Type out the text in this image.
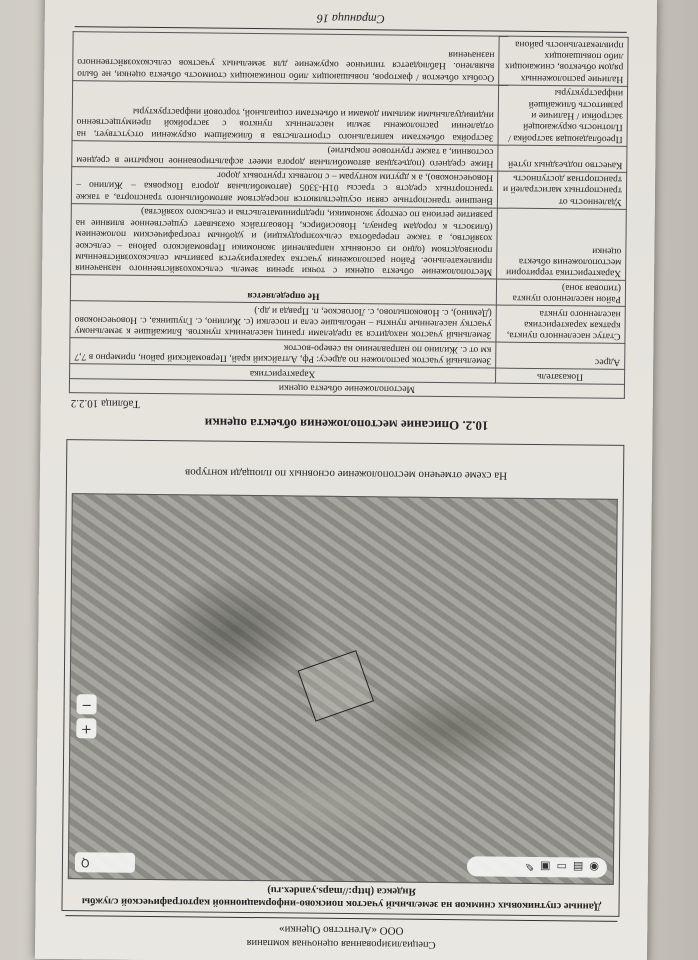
Специализированная оценочная компания
ООО «Агентство Оценки»
Данные спутниковых снимков на земельный участок поисково-информационной картографической службы Яндекса (http://maps.yandex.ru)
◉
▤
▭
▣
✎
Q
+
−
На схеме отмечено местоположение основных по площади контуров
10.2. Описание местоположения объекта оценки
Таблица 10.2.2
Местоположение объекта оценки	
Показатель	Характеристика
Адрес	Земельный участок расположен по адресу: Рф, Алтайский край, Первомайский район, примерно в 7,7 км от с. Жилино по направлению на северо-восток
Статус населенного пункта, краткая характеристика населенного пункта	Земельный участок находится за пределами границ населенных пунктов. Ближайшие к земельному участку населенные пункты – небольшие села и поселки (с. Жилино, с. Глушинка, с. Новочесноково (Демино), с. Новокопылово, с. Логовское, п. Правда и др.)
Район населенного пункта (типовая зона)	Не определяется
Характеристика территории местоположения объекта оценки	Местоположение объекта оценки с точки зрения земель сельскохозяйственного назначения привлекательное. Район расположения участка характеризуется развитым сельскохозяйственным производством (одно из основных направлений экономики Первомайского района – сельское хозяйство, а также переработка сельхозпродукции) и удобным географическим положением (близость к городам Барнаул, Новосибирск, Новоалтайск оказывает существенное влияние на развитие региона по сектору экономики, предпринимательства и сельского хозяйства)
Удаленность от транспортных магистралей и транспортная доступность	Внешние транспортные связи осуществляются посредством автомобильного транспорта, а также транспортных средств с трассы 01Н-3305 (автомобильная дорога Покровка – Жилино – Новочесноково), а к другим контурам – с полевых грунтовых дорог
Качество подъездных путей	Ниже среднего (подъездная автомобильная дорога имеет асфальтированное покрытие в среднем состоянии, а также грунтовое покрытие)
Преобладающая застройка / Плотность окружающей застройки / Наличие и развитость ближайшей инфраструктуры	Застройка объектами капитального строительства в ближайшем окружении отсутствует, на отдалении расположены земли населенных пунктов с застройкой преимущественно индивидуальными жилыми домами и объектами социальной, торговой инфраструктуры
Наличие расположенных рядом объектов, снижающих либо повышающих привлекательность района	Особых объектов / факторов, повышающих либо понижающих стоимость объекта оценки, не было выявлено. Наблюдается типичное окружение для земельных участков сельскохозяйственного назначения
Страница 16
